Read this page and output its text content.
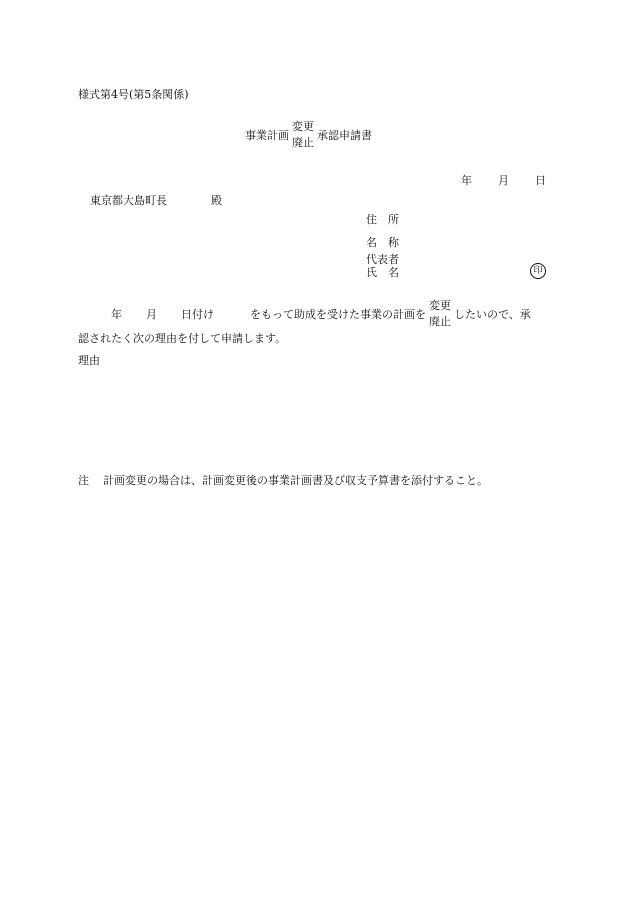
様式第4号(第5条関係)
事業計画
変更
廃止
承認申請書
年 月 日
東京都大島町長	殿
住 所
名 称
代表者
氏 名	印
年 月 日付け	をもって助成を受けた事業の計画を
変更
廃止
したいので、承
認されたく次の理由を付して申請します。
理由
注 計画変更の場合は、計画変更後の事業計画書及び収支予算書を添付すること。
